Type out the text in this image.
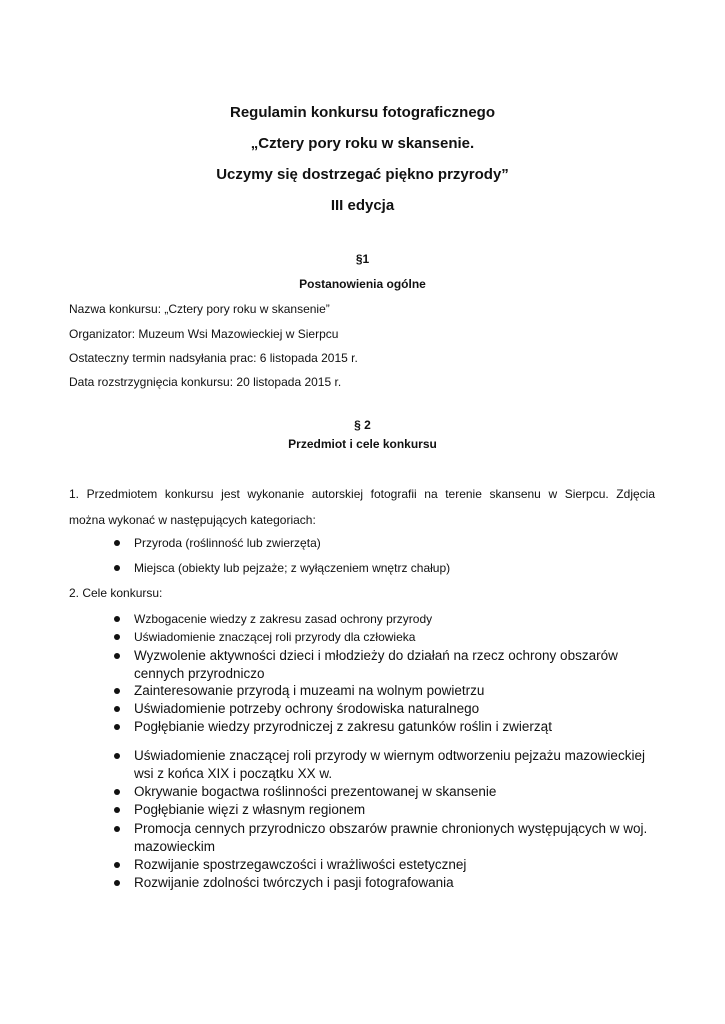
Regulamin konkursu fotograficznego
„Cztery pory roku w skansenie.
Uczymy się dostrzegać piękno przyrody”
III edycja
§1
Postanowienia ogólne
Nazwa konkursu: „Cztery pory roku w skansenie”
Organizator: Muzeum Wsi Mazowieckiej w Sierpcu
Ostateczny termin nadsyłania prac: 6 listopada 2015 r.
Data rozstrzygnięcia konkursu: 20 listopada 2015 r.
§ 2
Przedmiot i cele konkursu
1. Przedmiotem konkursu jest wykonanie autorskiej fotografii na terenie skansenu w Sierpcu. Zdjęcia
można wykonać w następujących kategoriach:
Przyroda (roślinność lub zwierzęta)
Miejsca (obiekty lub pejzaże; z wyłączeniem wnętrz chałup)
2. Cele konkursu:
Wzbogacenie wiedzy z zakresu zasad ochrony przyrody
Uświadomienie znaczącej roli przyrody dla człowieka
Wyzwolenie aktywności dzieci i młodzieży do działań na rzecz ochrony obszarów
cennych przyrodniczo
Zainteresowanie przyrodą i muzeami na wolnym powietrzu
Uświadomienie potrzeby ochrony środowiska naturalnego
Pogłębianie wiedzy przyrodniczej z zakresu gatunków roślin i zwierząt
Uświadomienie znaczącej roli przyrody w wiernym odtworzeniu pejzażu mazowieckiej
wsi z końca XIX i początku XX w.
Okrywanie bogactwa roślinności prezentowanej w skansenie
Pogłębianie więzi z własnym regionem
Promocja cennych przyrodniczo obszarów prawnie chronionych występujących w woj.
mazowieckim
Rozwijanie spostrzegawczości i wrażliwości estetycznej
Rozwijanie zdolności twórczych i pasji fotografowania
